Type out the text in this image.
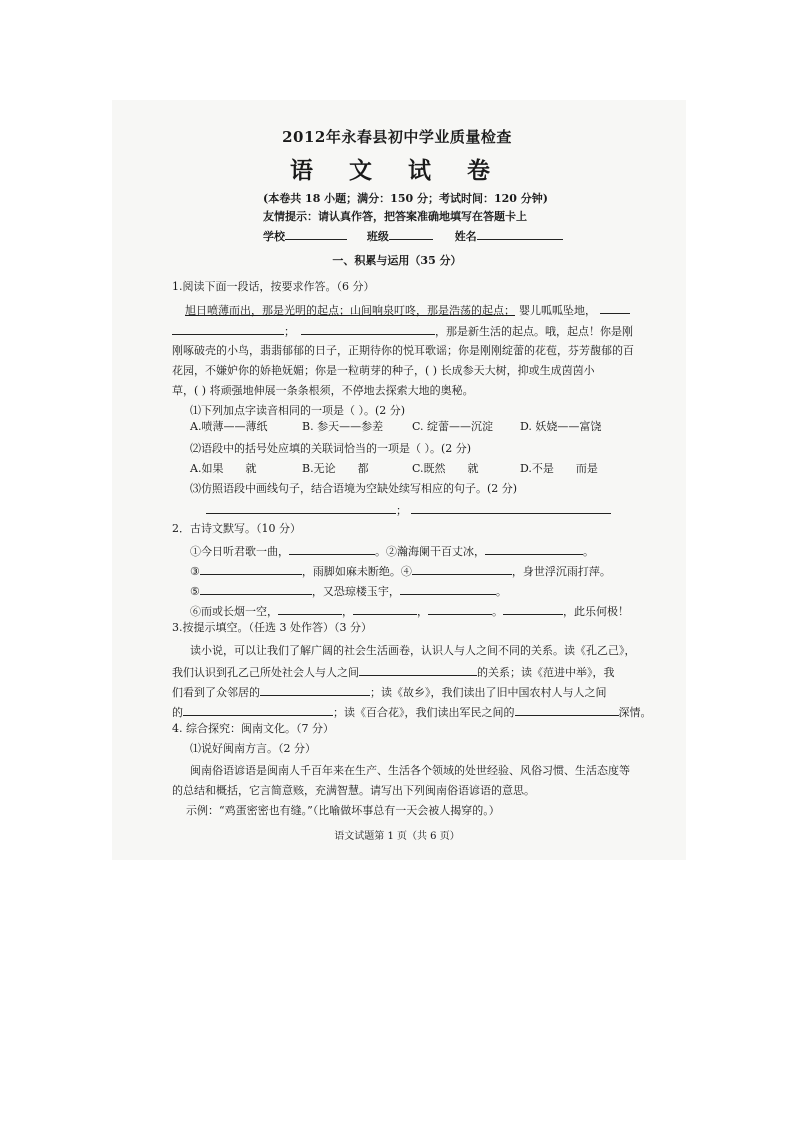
2012年永春县初中学业质量检查
语 文 试 卷
(本卷共 18 小题；满分：150 分；考试时间：120 分钟)
友情提示：请认真作答，把答案准确地填写在答题卡上
学校	班级	姓名
一、积累与运用（35 分）
1.阅读下面一段话，按要求作答。（6 分）
旭日喷薄而出，那是光明的起点；山间响泉叮咚，那是浩荡的起点； 婴儿呱呱坠地，
；	，那是新生活的起点。哦，起点！你是刚
刚啄破壳的小鸟，翡翡郁郁的日子，正期待你的悦耳歌谣；你是刚刚绽蕾的花苞，芬芳馥郁的百
花园，不嫌妒你的娇艳妩媚；你是一粒萌芽的种子，( ) 长成参天大树，抑或生成茵茵小
草，( ) 将顽强地伸展一条条根须，不停地去探索大地的奥秘。
⑴下列加点字读音相同的一项是（ ）。(2 分)
A.喷薄——薄纸	B. 参天——参差	C. 绽蕾——沉淀 D. 妖娆——富饶
⑵语段中的括号处应填的关联词恰当的一项是（ ）。(2 分)
A.如果　　就	B.无论　　都	C.既然　　就	D.不是　　而是
⑶仿照语段中画线句子，结合语境为空缺处续写相应的句子。(2 分)
；
2．古诗文默写。（10 分）
①今日听君歌一曲，	。②瀚海阑干百丈冰，	。
③	，雨脚如麻未断绝。④	，身世浮沉雨打萍。
⑤	，又恐琼楼玉宇，	。
⑥而或长烟一空，	，	，	。	，此乐何极！
3.按提示填空。（任选 3 处作答）（3 分）
读小说，可以让我们了解广阔的社会生活画卷，认识人与人之间不同的关系。读《孔乙己》，
我们认识到孔乙己所处社会人与人之间	的关系；读《范进中举》，我
们看到了众邻居的	；读《故乡》，我们读出了旧中国农村人与人之间
的	；读《百合花》，我们读出军民之间的	深情。
4. 综合探究：闽南文化。（7 分）
⑴说好闽南方言。（2 分）
闽南俗语谚语是闽南人千百年来在生产、生活各个领域的处世经验、风俗习惯、生活态度等
的总结和概括，它言简意赅，充满智慧。请写出下列闽南俗语谚语的意思。
示例：“鸡蛋密密也有缝。”（比喻做坏事总有一天会被人揭穿的。）
语文试题第 1 页（共 6 页）
